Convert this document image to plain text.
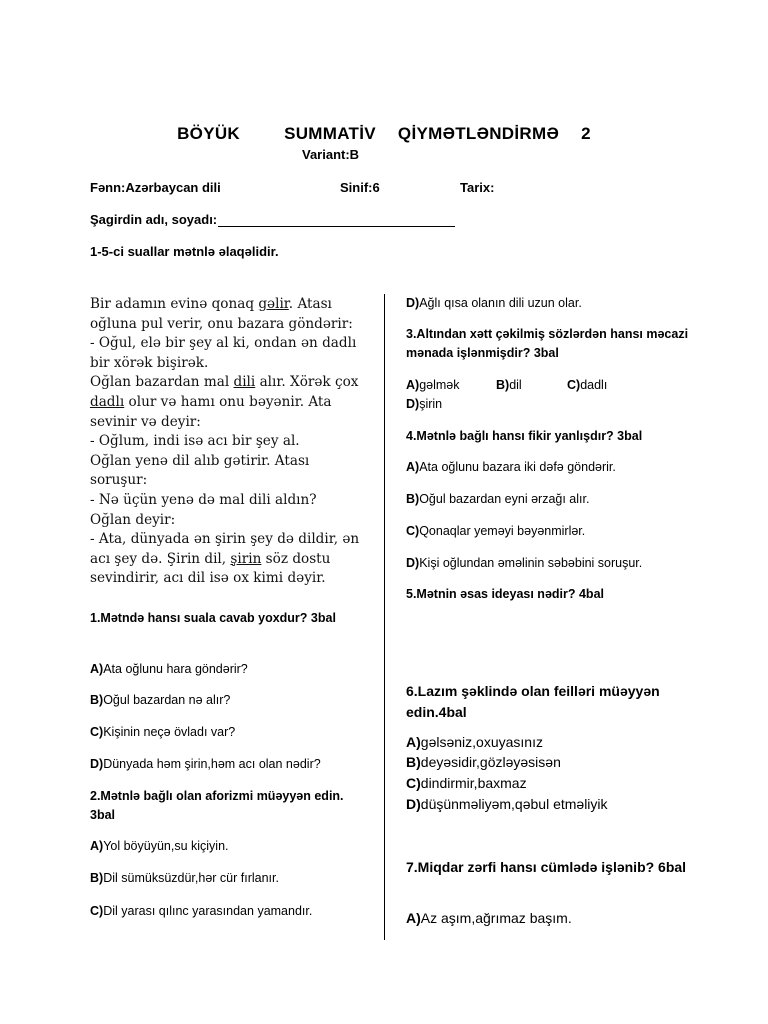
BÖYÜK    SUMMATİV  QİYMƏTLƏNDİRMƏ  2
Variant:B
Fənn:Azərbaycan dili	Sinif:6	Tarix:
Şagirdin adı, soyadı:
1-5-ci suallar mətnlə əlaqəlidir.

Bir adamın evinə qonaq gəlir. Atası

oğluna pul verir, onu bazara göndərir:

- Oğul, elə bir şey al ki, ondan ən dadlı

bir xörək bişirək.

Oğlan bazardan mal dili alır. Xörək çox

dadlı olur və hamı onu bəyənir. Ata

sevinir və deyir:

- Oğlum, indi isə acı bir şey al.

Oğlan yenə dil alıb gətirir. Atası

soruşur:

- Nə üçün yenə də mal dili aldın?

Oğlan deyir:

- Ata, dünyada ən şirin şey də dildir, ən

acı şey də. Şirin dil, şirin söz dostu

sevindirir, acı dil isə ox kimi dəyir.

1.Mətndə hansı suala cavab yoxdur? 3bal
A)Ata oğlunu hara göndərir?
B)Oğul bazardan nə alır?
C)Kişinin neçə övladı var?
D)Dünyada həm şirin,həm acı olan nədir?
2.Mətnlə bağlı olan aforizmi müəyyən edin. 3bal
A)Yol böyüyün,su kiçiyin.
B)Dil sümüksüzdür,hər cür fırlanır.
C)Dil yarası qılınc yarasından yamandır.
D)Ağlı qısa olanın dili uzun olar.
3.Altından xətt çəkilmiş sözlərdən hansı məcazi mənada işlənmişdir? 3bal
A)gəlmək	B)dil	C)dadlı
D)şirin
4.Mətnlə bağlı hansı fikir yanlışdır? 3bal
A)Ata oğlunu bazara iki dəfə göndərir.
B)Oğul bazardan eyni ərzağı alır.
C)Qonaqlar yeməyi bəyənmirlər.
D)Kişi oğlundan əməlinin səbəbini soruşur.
5.Mətnin əsas ideyası nədir? 4bal
6.Lazım şəklində olan feilləri müəyyən edin.4bal
A)gəlsəniz,oxuyasınız
B)deyəsidir,gözləyəsisən
C)dindirmir,baxmaz
D)düşünməliyəm,qəbul etməliyik
7.Miqdar zərfi hansı cümlədə işlənib? 6bal
A)Az aşım,ağrımaz başım.
